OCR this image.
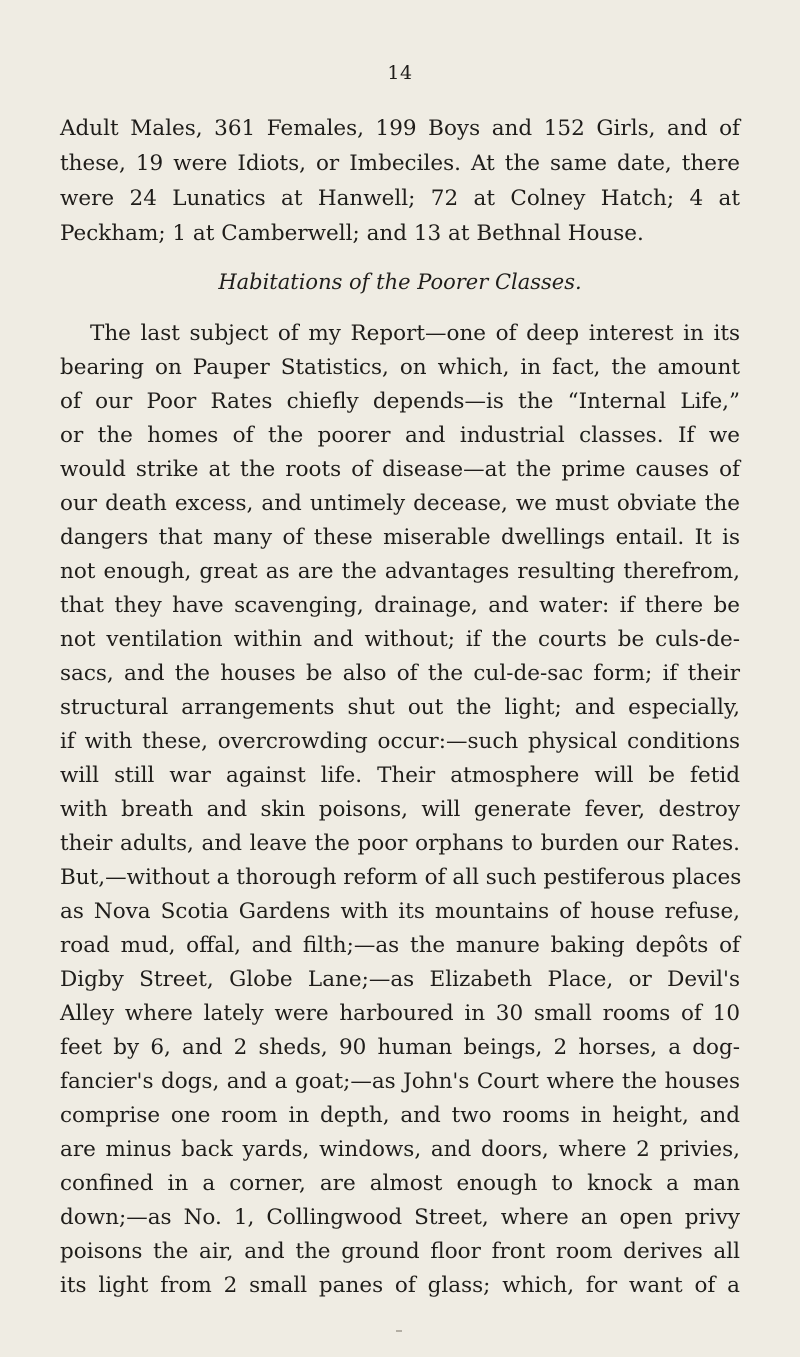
14
Adult Males, 361 Females, 199 Boys and 152 Girls, and of
these, 19 were Idiots, or Imbeciles. At the same date, there
were 24 Lunatics at Hanwell; 72 at Colney Hatch; 4 at
Peckham; 1 at Camberwell; and 13 at Bethnal House.
Habitations of the Poorer Classes.
The last subject of my Report—one of deep interest in its
bearing on Pauper Statistics, on which, in fact, the amount
of our Poor Rates chiefly depends—is the “Internal Life,”
or the homes of the poorer and industrial classes. If we
would strike at the roots of disease—at the prime causes of
our death excess, and untimely decease, we must obviate the
dangers that many of these miserable dwellings entail. It is
not enough, great as are the advantages resulting therefrom,
that they have scavenging, drainage, and water: if there be
not ventilation within and without; if the courts be culs-de-
sacs, and the houses be also of the cul-de-sac form; if their
structural arrangements shut out the light; and especially,
if with these, overcrowding occur:—such physical conditions
will still war against life. Their atmosphere will be fetid
with breath and skin poisons, will generate fever, destroy
their adults, and leave the poor orphans to burden our Rates.
But,—without a thorough reform of all such pestiferous places
as Nova Scotia Gardens with its mountains of house refuse,
road mud, offal, and filth;—as the manure baking depôts of
Digby Street, Globe Lane;—as Elizabeth Place, or Devil's
Alley where lately were harboured in 30 small rooms of 10
feet by 6, and 2 sheds, 90 human beings, 2 horses, a dog-
fancier's dogs, and a goat;—as John's Court where the houses
comprise one room in depth, and two rooms in height, and
are minus back yards, windows, and doors, where 2 privies,
confined in a corner, are almost enough to knock a man
down;—as No. 1, Collingwood Street, where an open privy
poisons the air, and the ground floor front room derives all
its light from 2 small panes of glass; which, for want of a
